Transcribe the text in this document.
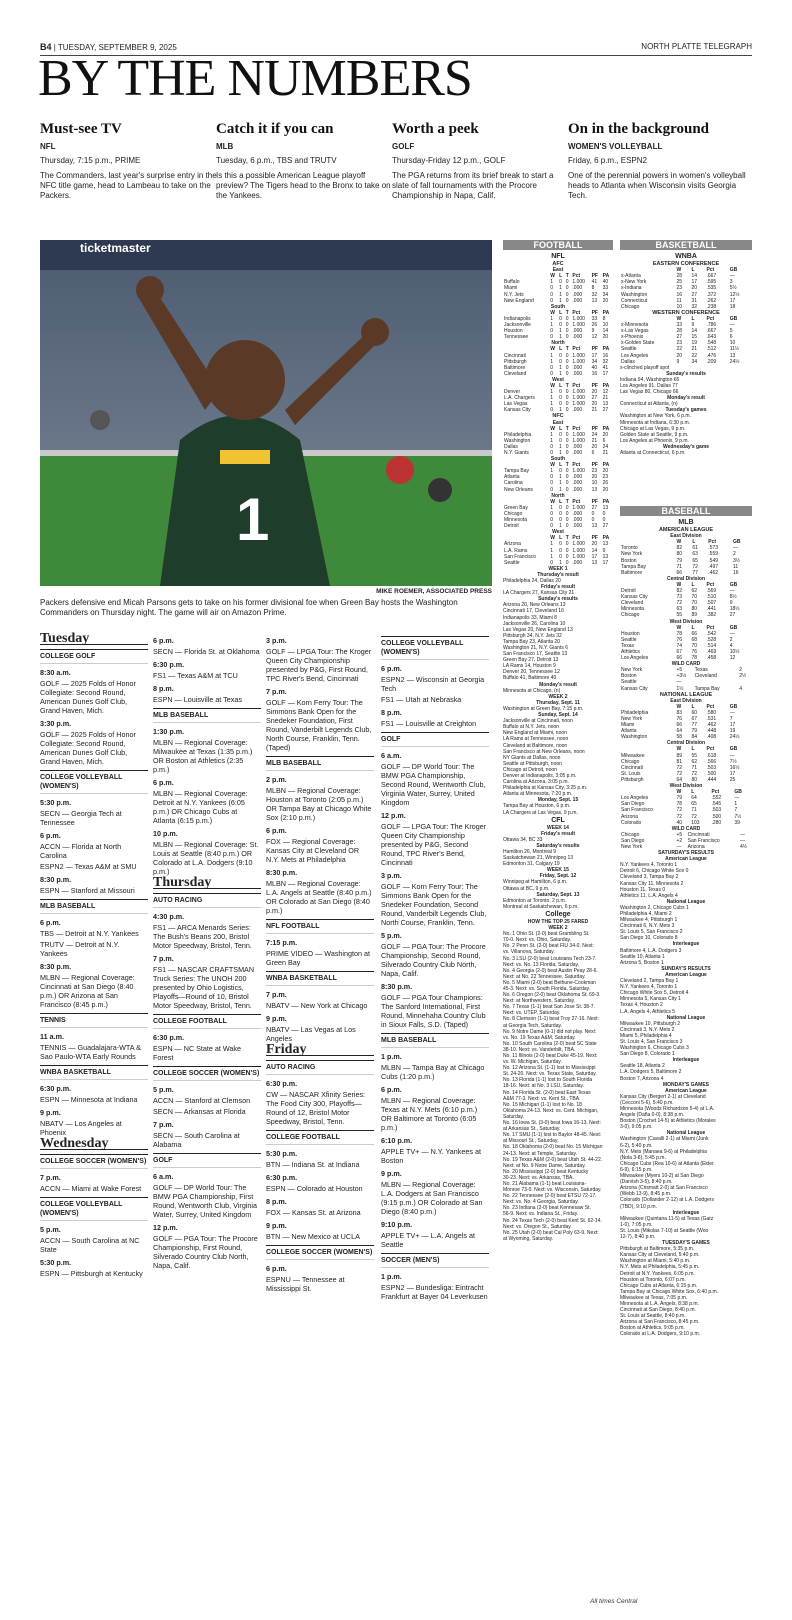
B4 | TUESDAY, SEPTEMBER 9, 2025	NORTH PLATTE TELEGRAPH
BY THE NUMBERS
Must-see TV
NFL
Thursday, 7:15 p.m., PRIME
The Commanders, last year's surprise entry in the NFC title game, head to Lambeau to take on the Packers.
Catch it if you can
MLB
Tuesday, 6 p.m., TBS and TRUTV
Is this a possible American League playoff preview? The Tigers head to the Bronx to take on the Yankees.
Worth a peek
GOLF
Thursday-Friday 12 p.m., GOLF
The PGA returns from its brief break to start a slate of fall tournaments with the Procore Championship in Napa, Calif.
On in the background
WOMEN'S VOLLEYBALL
Friday, 6 p.m., ESPN2
One of the perennial powers in women's volleyball heads to Atlanta when Wisconsin visits Georgia Tech.
ticketmaster
1
MIKE ROEMER, ASSOCIATED PRESS
Packers defensive end Micah Parsons gets to take on his former divisional foe when Green Bay hosts the Washington Commanders on Thursday night. The game will air on Amazon Prime.
Tuesday
COLLEGE GOLF
8:30 a.m.
GOLF — 2025 Folds of Honor Collegiate: Second Round, American Dunes Golf Club, Grand Haven, Mich.
3:30 p.m.
GOLF — 2025 Folds of Honor Collegiate: Second Round, American Dunes Golf Club, Grand Haven, Mich.
COLLEGE VOLLEYBALL (WOMEN'S)
5:30 p.m.
SECN — Georgia Tech at Tennessee
6 p.m.
ACCN — Florida at North Carolina
ESPN2 — Texas A&M at SMU
8:30 p.m.
ESPN — Stanford at Missouri
MLB BASEBALL
6 p.m.
TBS — Detroit at N.Y. Yankees
TRUTV — Detroit at N.Y. Yankees
8:30 p.m.
MLBN — Regional Coverage: Cincinnati at San Diego (8:40 p.m.) OR Arizona at San Francisco (8:45 p.m.)
TENNIS
11 a.m.
TENNIS — Guadalajara-WTA & Sao Paulo-WTA Early Rounds
WNBA BASKETBALL
6:30 p.m.
ESPN — Minnesota at Indiana
9 p.m.
NBATV — Los Angeles at Phoenix
Wednesday
COLLEGE SOCCER (WOMEN'S)
7 p.m.
ACCN — Miami at Wake Forest
COLLEGE VOLLEYBALL (WOMEN'S)
5 p.m.
ACCN — South Carolina at NC State
5:30 p.m.
ESPN — Pittsburgh at Kentucky
6 p.m.
SECN — Florida St. at Oklahoma
6:30 p.m.
FS1 — Texas A&M at TCU
8 p.m.
ESPN — Louisville at Texas
MLB BASEBALL
1:30 p.m.
MLBN — Regional Coverage: Milwaukee at Texas (1:35 p.m.) OR Boston at Athletics (2:35 p.m.)
6 p.m.
MLBN — Regional Coverage: Detroit at N.Y. Yankees (6:05 p.m.) OR Chicago Cubs at Atlanta (6:15 p.m.)
10 p.m.
MLBN — Regional Coverage: St. Louis at Seattle (8:40 p.m.) OR Colorado at L.A. Dodgers (9:10 p.m.)
Thursday
AUTO RACING
4:30 p.m.
FS1 — ARCA Menards Series: The Bush's Beans 200, Bristol Motor Speedway, Bristol, Tenn.
7 p.m.
FS1 — NASCAR CRAFTSMAN Truck Series: The UNOH 200 presented by Ohio Logistics, Playoffs—Round of 10, Bristol Motor Speedway, Bristol, Tenn.
COLLEGE FOOTBALL
6:30 p.m.
ESPN — NC State at Wake Forest
COLLEGE SOCCER (WOMEN'S)
5 p.m.
ACCN — Stanford at Clemson
SECN — Arkansas at Florida
7 p.m.
SECN — South Carolina at Alabama
GOLF
6 a.m.
GOLF — DP World Tour: The BMW PGA Championship, First Round, Wentworth Club, Virginia Water, Surrey, United Kingdom
12 p.m.
GOLF — PGA Tour: The Procore Championship, First Round, Silverado Country Club North, Napa, Calif.
3 p.m.
GOLF — LPGA Tour: The Kroger Queen City Championship presented by P&G, First Round, TPC River's Bend, Cincinnati
7 p.m.
GOLF — Korn Ferry Tour: The Simmons Bank Open for the Snedeker Foundation, First Round, Vanderbilt Legends Club, North Course, Franklin, Tenn. (Taped)
MLB BASEBALL
2 p.m.
MLBN — Regional Coverage: Houston at Toronto (2:05 p.m.) OR Tampa Bay at Chicago White Sox (2:10 p.m.)
6 p.m.
FOX — Regional Coverage: Kansas City at Cleveland OR N.Y. Mets at Philadelphia
8:30 p.m.
MLBN — Regional Coverage: L.A. Angels at Seattle (8:40 p.m.) OR Colorado at San Diego (8:40 p.m.)
NFL FOOTBALL
7:15 p.m.
PRIME VIDEO — Washington at Green Bay
WNBA BASKETBALL
7 p.m.
NBATV — New York at Chicago
9 p.m.
NBATV — Las Vegas at Los Angeles
Friday
AUTO RACING
6:30 p.m.
CW — NASCAR Xfinity Series: The Food City 300, Playoffs—Round of 12, Bristol Motor Speedway, Bristol, Tenn.
COLLEGE FOOTBALL
5:30 p.m.
BTN — Indiana St. at Indiana
6:30 p.m.
ESPN — Colorado at Houston
8 p.m.
FOX — Kansas St. at Arizona
9 p.m.
BTN — New Mexico at UCLA
COLLEGE SOCCER (WOMEN'S)
6 p.m.
ESPNU — Tennessee at Mississippi St.
COLLEGE VOLLEYBALL (WOMEN'S)
6 p.m.
ESPN2 — Wisconsin at Georgia Tech
FS1 — Utah at Nebraska
8 p.m.
FS1 — Louisville at Creighton
GOLF
6 a.m.
GOLF — DP World Tour: The BMW PGA Championship, Second Round, Wentworth Club, Virginia Water, Surrey, United Kingdom
12 p.m.
GOLF — LPGA Tour: The Kroger Queen City Championship presented by P&G, Second Round, TPC River's Bend, Cincinnati
3 p.m.
GOLF — Korn Ferry Tour: The Simmons Bank Open for the Snedeker Foundation, Second Round, Vanderbilt Legends Club, North Course, Franklin, Tenn.
5 p.m.
GOLF — PGA Tour: The Procore Championship, Second Round, Silverado Country Club North, Napa, Calif.
8:30 p.m.
GOLF — PGA Tour Champions: The Sanford International, First Round, Minnehaha Country Club in Sioux Falls, S.D. (Taped)
MLB BASEBALL
1 p.m.
MLBN — Tampa Bay at Chicago Cubs (1:20 p.m.)
6 p.m.
MLBN — Regional Coverage: Texas at N.Y. Mets (6:10 p.m.) OR Baltimore at Toronto (6:05 p.m.)
6:10 p.m.
APPLE TV+ — N.Y. Yankees at Boston
9 p.m.
MLBN — Regional Coverage: L.A. Dodgers at San Francisco (9:15 p.m.) OR Colorado at San Diego (8:40 p.m.)
9:10 p.m.
APPLE TV+ — L.A. Angels at Seattle
SOCCER (MEN'S)
1 p.m.
ESPN2 — Bundesliga: Eintracht Frankfurt at Bayer 04 Leverkusen
FOOTBALL
NFL
AFC
East
	W	L	T	Pct	PF	PA
Buffalo	1	0	0	1.000	41	40
Miami	0	1	0	.000	8	33
N.Y. Jets	0	1	0	.000	32	34
New England	0	1	0	.000	13	20
South
	W	L	T	Pct	PF	PA
Indianapolis	1	0	0	1.000	33	8
Jacksonville	1	0	0	1.000	26	10
Houston	0	1	0	.000	9	14
Tennessee	0	1	0	.000	12	20
North
	W	L	T	Pct	PF	PA
Cincinnati	1	0	0	1.000	17	16
Pittsburgh	1	0	0	1.000	34	32
Baltimore	0	1	0	.000	40	41
Cleveland	0	1	0	.000	16	17
West
	W	L	T	Pct	PF	PA
Denver	1	0	0	1.000	20	12
L.A. Chargers	1	0	0	1.000	27	21
Las Vegas	1	0	0	1.000	20	13
Kansas City	0	1	0	.000	21	27
NFC
East
	W	L	T	Pct	PF	PA
Philadelphia	1	0	0	1.000	24	20
Washington	1	0	0	1.000	21	6
Dallas	0	1	0	.000	20	24
N.Y. Giants	0	1	0	.000	6	21
South
	W	L	T	Pct	PF	PA
Tampa Bay	1	0	0	1.000	23	20
Atlanta	0	1	0	.000	20	23
Carolina	0	1	0	.000	10	26
New Orleans	0	1	0	.000	13	20
North
	W	L	T	Pct	PF	PA
Green Bay	1	0	0	1.000	27	13
Chicago	0	0	0	.000	0	0
Minnesota	0	0	0	.000	0	0
Detroit	0	1	0	.000	13	27
West
	W	L	T	Pct	PF	PA
Arizona	1	0	0	1.000	20	13
L.A. Rams	1	0	0	1.000	14	9
San Francisco	1	0	0	1.000	17	13
Seattle	0	1	0	.000	13	17
WEEK 1
Thursday's result
Philadelphia 24, Dallas 20
Friday's result
LA Chargers 27, Kansas City 21
Sunday's results
Arizona 20, New Orleans 13
Cincinnati 17, Cleveland 16
Indianapolis 33, Miami 8
Jacksonville 26, Carolina 10
Las Vegas 20, New England 13
Pittsburgh 34, N.Y. Jets 32
Tampa Bay 23, Atlanta 20
Washington 21, N.Y. Giants 6
San Francisco 17, Seattle 13
Green Bay 27, Detroit 13
LA Rams 14, Houston 9
Denver 20, Tennessee 12
Buffalo 41, Baltimore 40
Monday's result
Minnesota at Chicago, (n)
WEEK 2
Thursday, Sept. 11
Washington at Green Bay, 7:15 p.m.
Sunday, Sept. 14
Jacksonville at Cincinnati, noon
Buffalo at N.Y. Jets, noon
New England at Miami, noon
LA Rams at Tennessee, noon
Cleveland at Baltimore, noon
San Francisco at New Orleans, noon
NY Giants at Dallas, noon
Seattle at Pittsburgh, noon
Chicago at Detroit, noon
Denver at Indianapolis, 3:05 p.m.
Carolina at Arizona, 3:05 p.m.
Philadelphia at Kansas City, 3:25 p.m.
Atlanta at Minnesota, 7:20 p.m.
Monday, Sept. 15
Tampa Bay at Houston, 6 p.m.
LA Chargers at Las Vegas, 9 p.m.
CFL
WEEK 14
Friday's result
Ottawa 34, BC 33
Saturday's results
Hamilton 26, Montreal 9
Saskatchewan 21, Winnipeg 13
Edmonton 31, Calgary 19
WEEK 15
Friday, Sept. 12
Winnipeg at Hamilton, 6 p.m.
Ottawa at BC, 9 p.m.
Saturday, Sept. 13
Edmonton at Toronto, 2 p.m.
Montreal at Saskatchewan, 6 p.m.
College
HOW THE TOP 25 FARED
WEEK 2
No. 1 Ohio St. (2-0) beat Grambling St.
70-0. Next: vs. Ohio, Saturday.
No. 2 Penn St. (2-0) beat FIU 34-0. Next:
vs. Villanova, Saturday.
No. 3 LSU (2-0) beat Louisiana Tech 23-7.
Next: vs. No. 13 Florida, Saturday.
No. 4 Georgia (2-0) beat Austin Peay 28-6.
Next: at No. 22 Tennessee, Saturday.
No. 5 Miami (2-0) beat Bethune-Cookman
45-3. Next: vs. South Florida, Saturday.
No. 6 Oregon (2-0) beat Oklahoma St. 69-3.
Next: at Northwestern, Saturday.
No. 7 Texas (1-1) beat San Jose St. 38-7.
Next: vs. UTEP, Saturday.
No. 8 Clemson (1-1) beat Troy 27-16. Next:
at Georgia Tech, Saturday.
No. 9 Notre Dame (0-1) did not play. Next:
vs. No. 19 Texas A&M, Saturday.
No. 10 South Carolina (2-0) beat SC State
38-10. Next: vs. Vanderbilt, TBA.
No. 11 Illinois (2-0) beat Duke 45-19. Next:
vs. W. Michigan, Saturday.
No. 12 Arizona St. (1-1) lost to Mississippi
St. 24-20. Next: vs. Texas State, Saturday.
No. 13 Florida (1-1) lost to South Florida
18-16. Next: at No. 3 LSU, Saturday.
No. 14 Florida St. (2-0) beat East Texas
A&M 77-3. Next: vs. Kent St., TBA.
No. 15 Michigan (1-1) lost to No. 18
Oklahoma 24-13. Next: vs. Cent. Michigan,
Saturday.
No. 16 Iowa St. (3-0) beat Iowa 16-13. Next:
at Arkansas St., Saturday.
No. 17 SMU (1-1) lost to Baylor 48-45. Next:
at Missouri St., Saturday.
No. 18 Oklahoma (2-0) beat No. 15 Michigan
24-13. Next: at Temple, Saturday.
No. 19 Texas A&M (2-0) beat Utah St. 44-22.
Next: at No. 9 Notre Dame, Saturday.
No. 20 Mississippi (2-0) beat Kentucky
30-23. Next: vs. Arkansas, TBA.
No. 21 Alabama (1-1) beat Louisiana-
Monroe 73-0. Next: vs. Wisconsin, Saturday.
No. 22 Tennessee (2-0) beat ETSU 72-17.
Next: vs. No. 4 Georgia, Saturday.
No. 23 Indiana (2-0) beat Kennesaw St.
56-9. Next: vs. Indiana St., Friday.
No. 24 Texas Tech (2-0) beat Kent St. 62-14.
Next: vs. Oregon St., Saturday.
No. 25 Utah (2-0) beat Cal Poly 63-9. Next:
at Wyoming, Saturday.
BASKETBALL
WNBA
EASTERN CONFERENCE
	W	L	Pct	GB
x-Atlanta	28	14	.667	—
x-New York	25	17	.595	3
x-Indiana	23	20	.535	5½
Washington	16	27	.372	12½
Connecticut	11	31	.262	17
Chicago	10	32	.238	18
WESTERN CONFERENCE
	W	L	Pct	GB
x-Minnesota	33	9	.786	—
x-Las Vegas	28	14	.667	5
x-Phoenix	27	15	.643	6
x-Golden State	23	19	.548	10
Seattle	22	21	.512	11½
Los Angeles	20	22	.476	13
Dallas	9	34	.209	24½
x-clinched playoff spot
Sunday's results
Indiana 94, Washington 65
Los Angeles 91, Dallas 77
Las Vegas 80, Chicago 66
Monday's result
Connecticut at Atlanta, (n)
Tuesday's games
Washington at New York, 6 p.m.
Minnesota at Indiana, 6:30 p.m.
Chicago at Las Vegas, 9 p.m.
Golden State at Seattle, 9 p.m.
Los Angeles at Phoenix, 9 p.m.
Wednesday's game
Atlanta at Connecticut, 6 p.m.
BASEBALL
MLB
AMERICAN LEAGUE
East Division
	W	L	Pct	GB
Toronto	82	61	.573	—
New York	80	63	.559	2
Boston	79	65	.549	3½
Tampa Bay	71	72	.497	11
Baltimore	66	77	.462	16
Central Division
	W	L	Pct	GB
Detroit	82	62	.569	—
Kansas City	73	70	.510	8½
Cleveland	72	70	.507	9
Minnesota	63	80	.441	18½
Chicago	55	89	.382	27
West Division
	W	L	Pct	GB
Houston	78	66	.542	—
Seattle	76	68	.528	2
Texas	74	70	.514	4
Athletics	67	76	.469	10½
Los Angeles	66	78	.458	12
WILD CARD
New York	+5	Texas		2
Boston	+3½	Cleveland		2½
Seattle	—			
Kansas City	1½	Tampa Bay		4
NATIONAL LEAGUE
East Division
	W	L	Pct	GB
Philadelphia	83	60	.580	—
New York	76	67	.531	7
Miami	66	77	.462	17
Atlanta	64	79	.448	19
Washington	58	84	.408	24½
Central Division
	W	L	Pct	GB
Milwaukee	89	55	.618	—
Chicago	81	62	.566	7½
Cincinnati	72	71	.503	16½
St. Louis	72	72	.500	17
Pittsburgh	64	80	.444	25
West Division
	W	L	Pct	GB
Los Angeles	79	64	.552	—
San Diego	78	65	.545	1
San Francisco	72	71	.503	7
Arizona	72	72	.500	7½
Colorado	40	103	.280	39
WILD CARD
Chicago	+5	Cincinnati		—
San Diego	+2	San Francisco		—
New York	—	Arizona		4½
SATURDAY'S RESULTS
American League
N.Y. Yankees 4, Toronto 1
Detroit 6, Chicago White Sox 0
Cleveland 3, Tampa Bay 2
Kansas City 11, Minnesota 2
Houston 11, Texas 0
Athletics 11, L.A. Angels 4
National League
Washington 2, Chicago Cubs 1
Philadelphia 4, Miami 2
Milwaukee 4, Pittsburgh 1
Cincinnati 6, N.Y. Mets 3
St. Louis 5, San Francisco 2
San Diego 10, Colorado 8
Interleague
Baltimore 4, L.A. Dodgers 3
Seattle 10, Atlanta 1
Arizona 5, Boston 1
SUNDAY'S RESULTS
American League
Cleveland 2, Tampa Bay 1
N.Y. Yankees 4, Toronto 1
Chicago White Sox 5, Detroit 4
Minnesota 5, Kansas City 1
Texas 4, Houston 2
L.A. Angels 4, Athletics 5
National League
Milwaukee 10, Pittsburgh 2
Cincinnati 3, N.Y. Mets 2
Miami 5, Philadelphia 4
St. Louis 4, San Francisco 3
Washington 6, Chicago Cubs 3
San Diego 8, Colorado 1
Interleague
Seattle 18, Atlanta 2
L.A. Dodgers 5, Baltimore 2
Boston 7, Arizona 4
MONDAY'S GAMES
American League
Kansas City (Bergert 2-1) at Cleveland
(Cecconi 5-6), 5:40 p.m.
Minnesota (Woods Richardson 5-4) at L.A.
Angels (Daña 0-0), 8:38 p.m.
Boston (Crochet 14-5) at Athletics (Morales
3-0), 9:05 p.m.
National League
Washington (Cavalli 2-1) at Miami (Junk
6-2), 5:40 p.m.
N.Y. Mets (Manaea 9-6) at Philadelphia
(Nola 3-8), 5:45 p.m.
Chicago Cubs (Rea 10-6) at Atlanta (Elder
6-9), 6:15 p.m.
Milwaukee (Myers 10-2) at San Diego
(Darvish 3-5), 8:40 p.m.
Arizona (Crismatt 2-0) at San Francisco
(Webb 13-9), 8:45 p.m.
Colorado (Dollander 2-12) at L.A. Dodgers
(TBD), 9:10 p.m.
Interleague
Milwaukee (Quintana 11-5) at Texas (Gatz
1-0), 7:05 p.m.
St. Louis (Mikolas 7-10) at Seattle (Woo
12-7), 8:40 p.m.
TUESDAY'S GAMES
Pittsburgh at Baltimore, 5:35 p.m.
Kansas City at Cleveland, 5:40 p.m.
Washington at Miami, 5:40 p.m.
N.Y. Mets at Philadelphia, 5:45 p.m.
Detroit at N.Y. Yankees, 6:05 p.m.
Houston at Toronto, 6:07 p.m.
Chicago Cubs at Atlanta, 6:15 p.m.
Tampa Bay at Chicago White Sox, 6:40 p.m.
Milwaukee at Texas, 7:05 p.m.
Minnesota at L.A. Angels, 8:38 p.m.
Cincinnati at San Diego, 8:40 p.m.
St. Louis at Seattle, 8:40 p.m.
Arizona at San Francisco, 8:45 p.m.
Boston at Athletics, 9:05 p.m.
Colorado at L.A. Dodgers, 9:10 p.m.
All times Central
